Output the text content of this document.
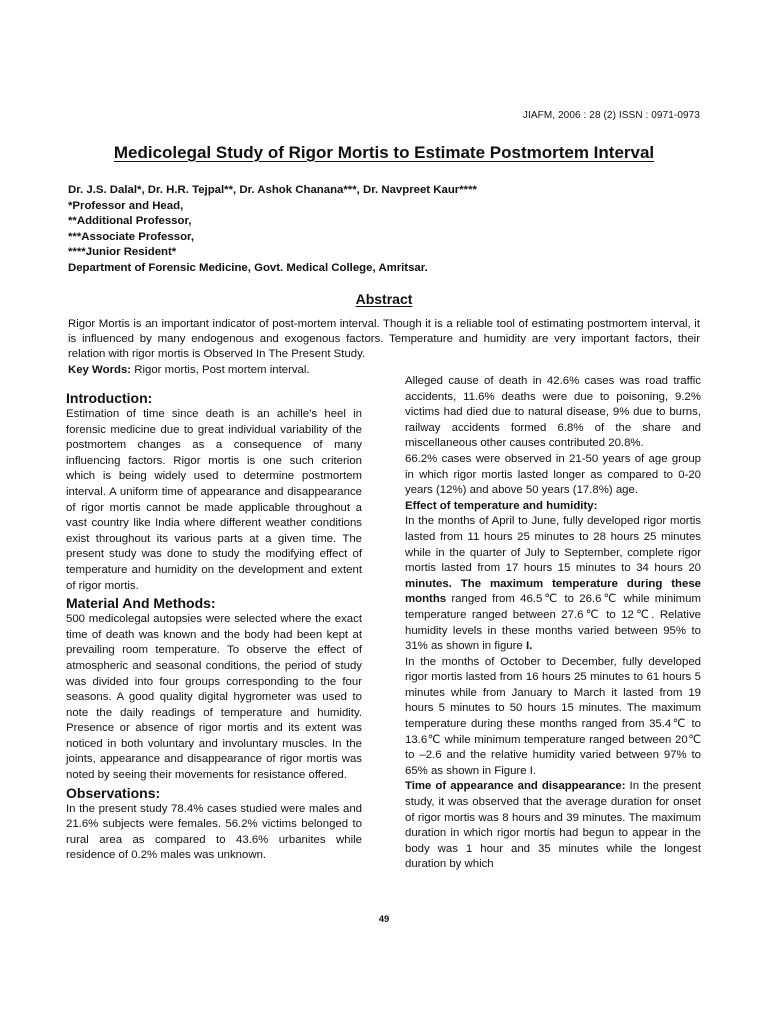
JIAFM, 2006 : 28 (2) ISSN : 0971-0973
Medicolegal Study of Rigor Mortis to Estimate Postmortem Interval
Dr. J.S. Dalal*, Dr. H.R. Tejpal**, Dr. Ashok Chanana***, Dr. Navpreet Kaur****
*Professor and Head,
**Additional Professor,
***Associate Professor,
****Junior Resident*
Department of Forensic Medicine, Govt. Medical College, Amritsar.
Abstract

Rigor Mortis is an important indicator of post-mortem interval. Though it is a reliable tool of estimating postmortem interval, it is influenced by many endogenous and exogenous factors. Temperature and humidity are very important factors, their relation with rigor mortis is Observed In The Present Study.

Key Words: Rigor mortis, Post mortem interval.

Introduction:

Estimation of time since death is an achille’s heel in forensic medicine due to great individual variability of the postmortem changes as a consequence of many influencing factors. Rigor mortis is one such criterion which is being widely used to determine postmortem interval. A uniform time of appearance and disappearance of rigor mortis cannot be made applicable throughout a vast country like India where different weather conditions exist throughout its various parts at a given time. The present study was done to study the modifying effect of temperature and humidity on the development and extent of rigor mortis.

Material And Methods:

500 medicolegal autopsies were selected where the exact time of death was known and the body had been kept at prevailing room temperature. To observe the effect of atmospheric and seasonal conditions, the period of study was divided into four groups corresponding to the four seasons. A good quality digital hygrometer was used to note the daily readings of temperature and humidity. Presence or absence of rigor mortis and its extent was noticed in both voluntary and involuntary muscles. In the joints, appearance and disappearance of rigor mortis was noted by seeing their movements for resistance offered.

Observations:

In the present study 78.4% cases studied were males and 21.6% subjects were females. 56.2% victims belonged to rural area as compared to 43.6% urbanites while residence of 0.2% males was unknown.

Alleged cause of death in 42.6% cases was road traffic accidents, 11.6% deaths were due to poisoning, 9.2% victims had died due to natural disease, 9% due to burns, railway accidents formed 6.8% of the share and miscellaneous other causes contributed 20.8%.

66.2% cases were observed in 21-50 years of age group in which rigor mortis lasted longer as compared to 0-20 years (12%) and above 50 years (17.8%) age.

Effect of temperature and humidity:

In the months of April to June, fully developed rigor mortis lasted from 11 hours 25 minutes to 28 hours 25 minutes while in the quarter of July to September, complete rigor mortis lasted from 17 hours 15 minutes to 34 hours 20 minutes. The maximum temperature during these months ranged from 46.5℃ to 26.6℃ while minimum temperature ranged between 27.6℃ to 12℃. Relative humidity levels in these months varied between 95% to 31% as shown in figure I.

In the months of October to December, fully developed rigor mortis lasted from 16 hours 25 minutes to 61 hours 5 minutes while from January to March it lasted from 19 hours 5 minutes to 50 hours 15 minutes. The maximum temperature during these months ranged from 35.4℃ to 13.6℃ while minimum temperature ranged between 20℃ to –2.6 and the relative humidity varied between 97% to 65% as shown in Figure I.

Time of appearance and disappearance: In the present study, it was observed that the average duration for onset of rigor mortis was 8 hours and 39 minutes. The maximum duration in which rigor mortis had begun to appear in the body was 1 hour and 35 minutes while the longest duration by which

49
